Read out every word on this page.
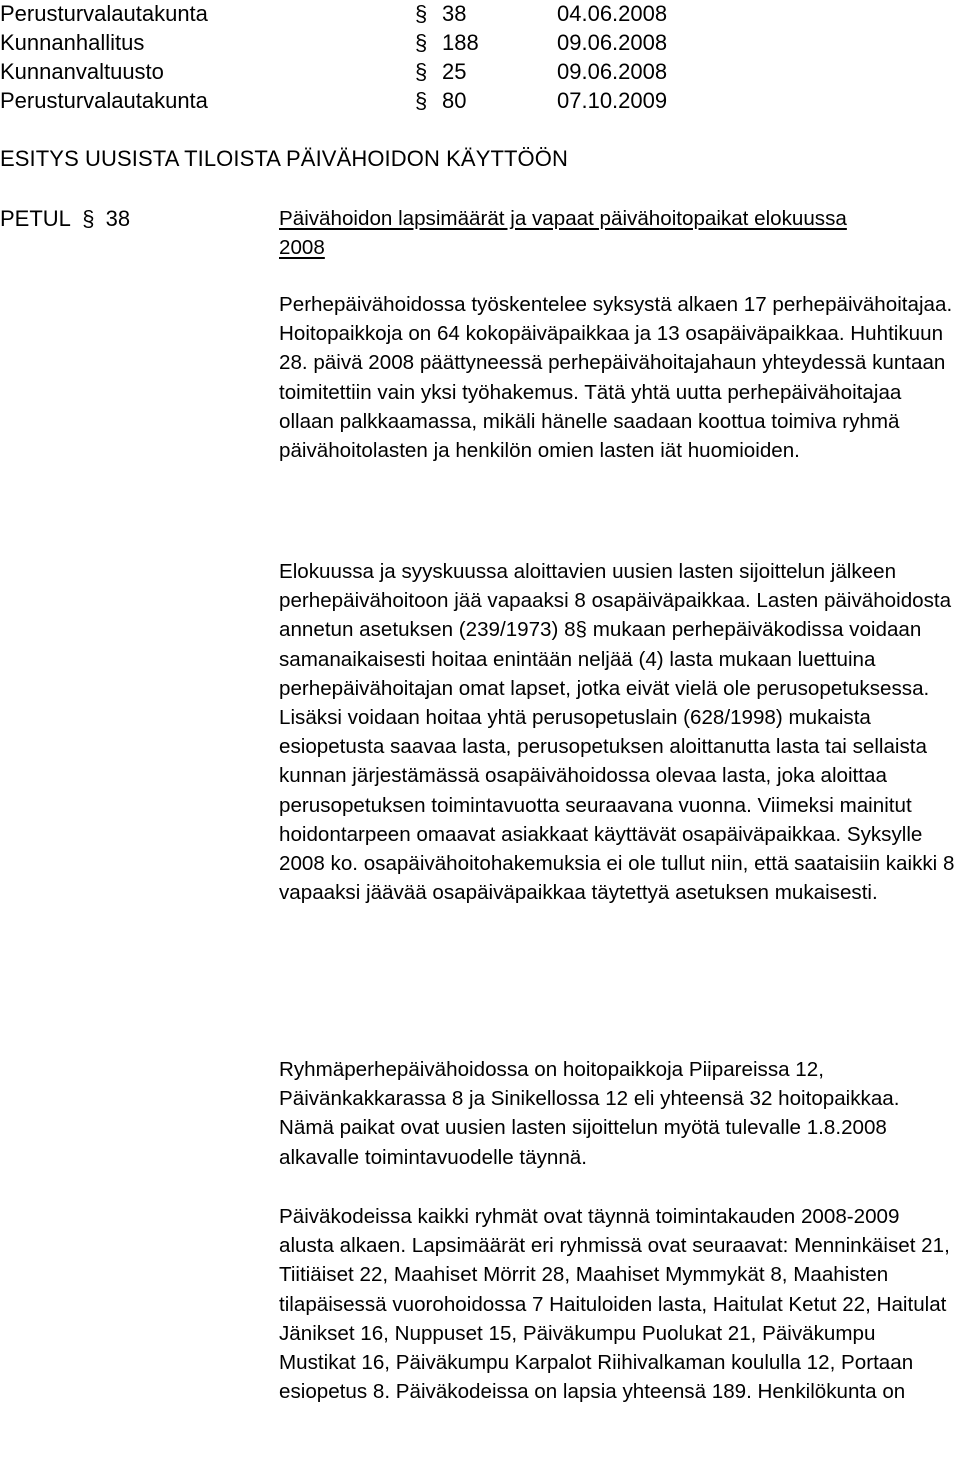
Perusturvalautakunta	§ 38	04.06.2008
Kunnanhallitus	§ 188	09.06.2008
Kunnanvaltuusto	§ 25	09.06.2008
Perusturvalautakunta	§ 80	07.10.2009
ESITYS UUSISTA TILOISTA PÄIVÄHOIDON KÄYTTÖÖN
PETUL § 38	Päivähoidon lapsimäärät ja vapaat päivähoitopaikat elokuussa 2008

Perhepäivähoidossa työskentelee syksystä alkaen 17 perhepäivähoitajaa. Hoitopaikkoja on 64 kokopäiväpaikkaa ja 13 osapäiväpaikkaa. Huhtikuun 28. päivä 2008 päättyneessä perhepäivähoitajahaun yhteydessä kuntaan toimitettiin vain yksi työhakemus. Tätä yhtä uutta perhepäivähoitajaa ollaan palkkaamassa, mikäli hänelle saadaan koottua toimiva ryhmä päivähoitolasten ja henkilön omien lasten iät huomioiden.

Elokuussa ja syyskuussa aloittavien uusien lasten sijoittelun jälkeen perhepäivähoitoon jää vapaaksi 8 osapäiväpaikkaa. Lasten päivähoidosta annetun asetuksen (239/1973) 8§ mukaan perhepäiväkodissa voidaan samanaikaisesti hoitaa enintään neljää (4) lasta mukaan luettuina perhepäivähoitajan omat lapset, jotka eivät vielä ole perusopetuksessa. Lisäksi voidaan hoitaa yhtä perusopetuslain (628/1998) mukaista esiopetusta saavaa lasta, perusopetuksen aloittanutta lasta tai sellaista kunnan järjestämässä osapäivähoidossa olevaa lasta, joka aloittaa perusopetuksen toimintavuotta seuraavana vuonna. Viimeksi mainitut hoidontarpeen omaavat asiakkaat käyttävät osapäiväpaikkaa. Syksylle 2008 ko. osapäivähoitohakemuksia ei ole tullut niin, että saataisiin kaikki 8 vapaaksi jäävää osapäiväpaikkaa täytettyä asetuksen mukaisesti.

Ryhmäperhepäivähoidossa on hoitopaikkoja Piipareissa 12, Päivänkakkarassa 8 ja Sinikellossa 12 eli yhteensä 32 hoitopaikkaa. Nämä paikat ovat uusien lasten sijoittelun myötä tulevalle 1.8.2008 alkavalle toimintavuodelle täynnä.

Päiväkodeissa kaikki ryhmät ovat täynnä toimintakauden 2008-2009 alusta alkaen. Lapsimäärät eri ryhmissä ovat seuraavat: Menninkäiset 21, Tiitiäiset 22, Maahiset Mörrit 28, Maahiset Mymmykät 8, Maahisten tilapäisessä vuorohoidossa 7 Haituloiden lasta, Haitulat Ketut 22, Haitulat Jänikset 16, Nuppuset 15, Päiväkumpu Puolukat 21, Päiväkumpu Mustikat 16, Päiväkumpu Karpalot Riihivalkaman koululla 12, Portaan esiopetus 8. Päiväkodeissa on lapsia yhteensä 189. Henkilökunta on
